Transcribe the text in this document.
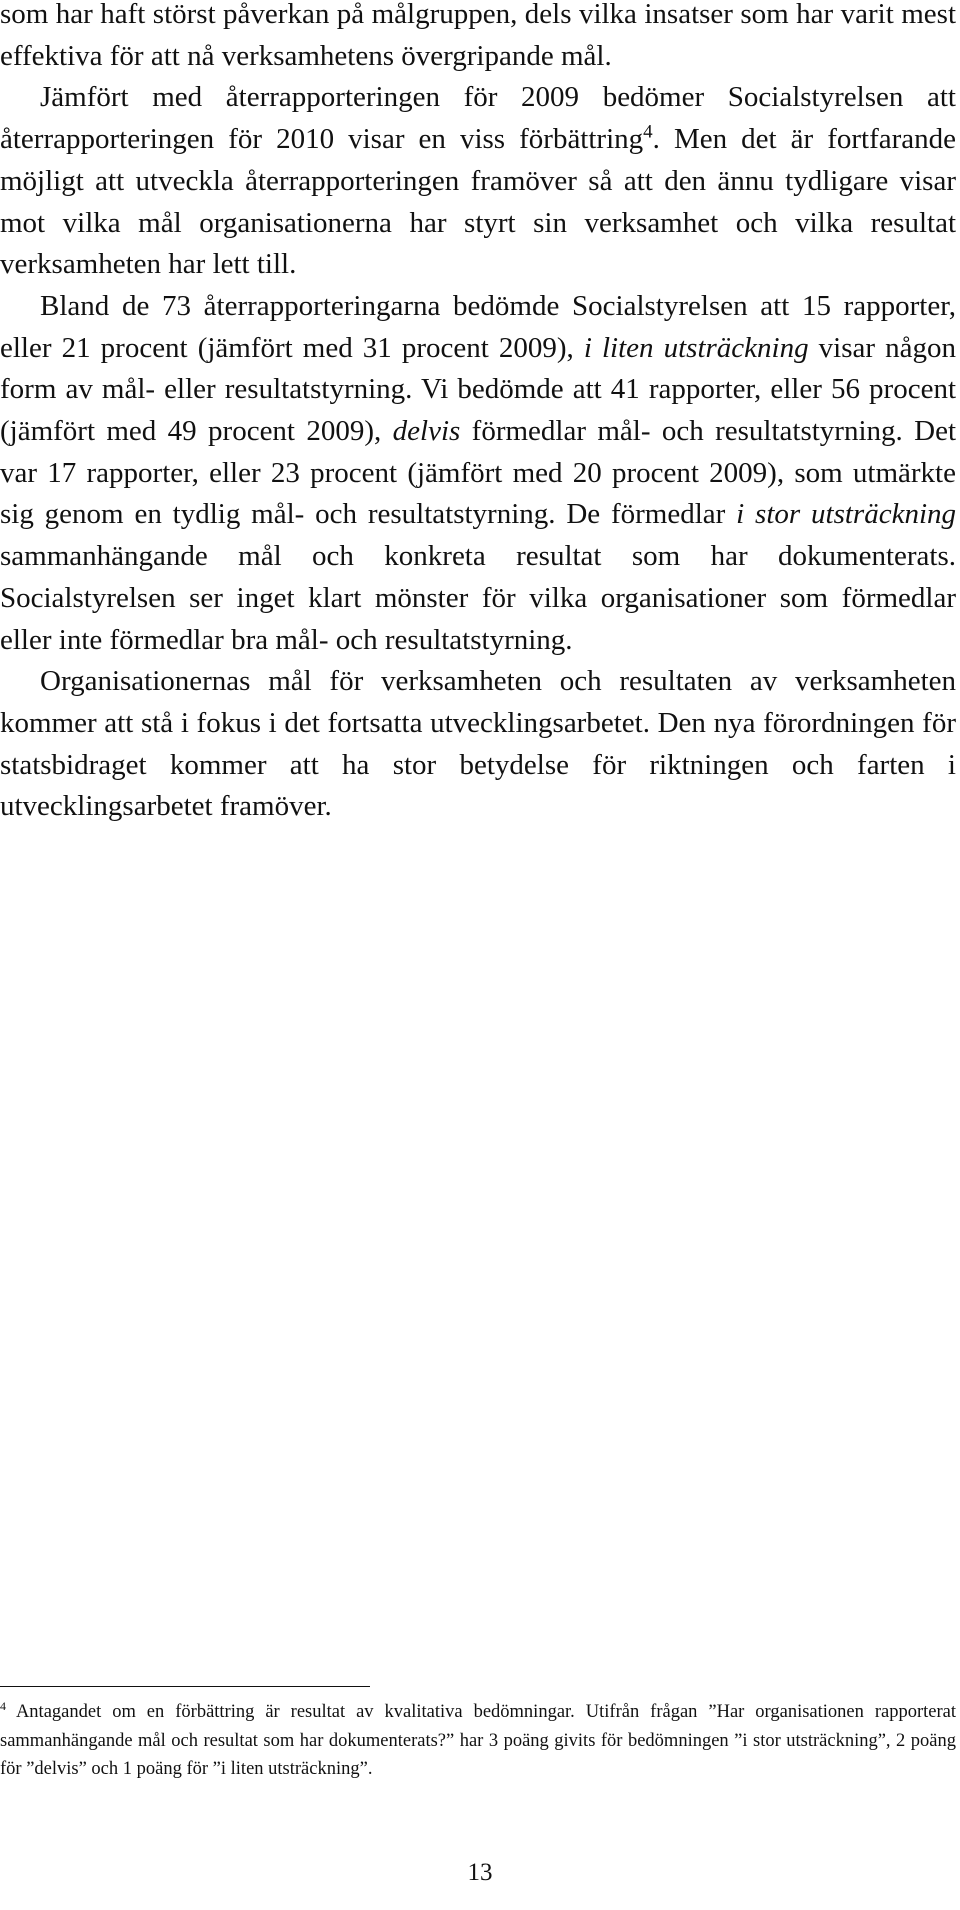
som har haft störst påverkan på målgruppen, dels vilka insatser som har varit mest effektiva för att nå verksamhetens övergripande mål.

Jämfört med återrapporteringen för 2009 bedömer Socialstyrelsen att återrapporteringen för 2010 visar en viss förbättring$^4$. Men det är fortfarande möjligt att utveckla återrapporteringen framöver så att den ännu tydligare visar mot vilka mål organisationerna har styrt sin verksamhet och vilka resultat verksamheten har lett till.

Bland de 73 återrapporteringarna bedömde Socialstyrelsen att 15 rapporter, eller 21 procent (jämfört med 31 procent 2009), i liten utsträckning visar någon form av mål- eller resultatstyrning. Vi bedömde att 41 rapporter, eller 56 procent (jämfört med 49 procent 2009), delvis förmedlar mål- och resultatstyrning. Det var 17 rapporter, eller 23 procent (jämfört med 20 procent 2009), som utmärkte sig genom en tydlig mål- och resultatstyrning. De förmedlar i stor utsträckning sammanhängande mål och konkreta resultat som har dokumenterats. Socialstyrelsen ser inget klart mönster för vilka organisationer som förmedlar eller inte förmedlar bra mål- och resultatstyrning.

Organisationernas mål för verksamheten och resultaten av verksamheten kommer att stå i fokus i det fortsatta utvecklingsarbetet. Den nya förordningen för statsbidraget kommer att ha stor betydelse för riktningen och farten i utvecklingsarbetet framöver.

$^4$ Antagandet om en förbättring är resultat av kvalitativa bedömningar. Utifrån frågan ”Har organisationen rapporterat sammanhängande mål och resultat som har dokumenterats?” har 3 poäng givits för bedömningen ”i stor utsträckning”, 2 poäng för ”delvis” och 1 poäng för ”i liten utsträckning”.

13
